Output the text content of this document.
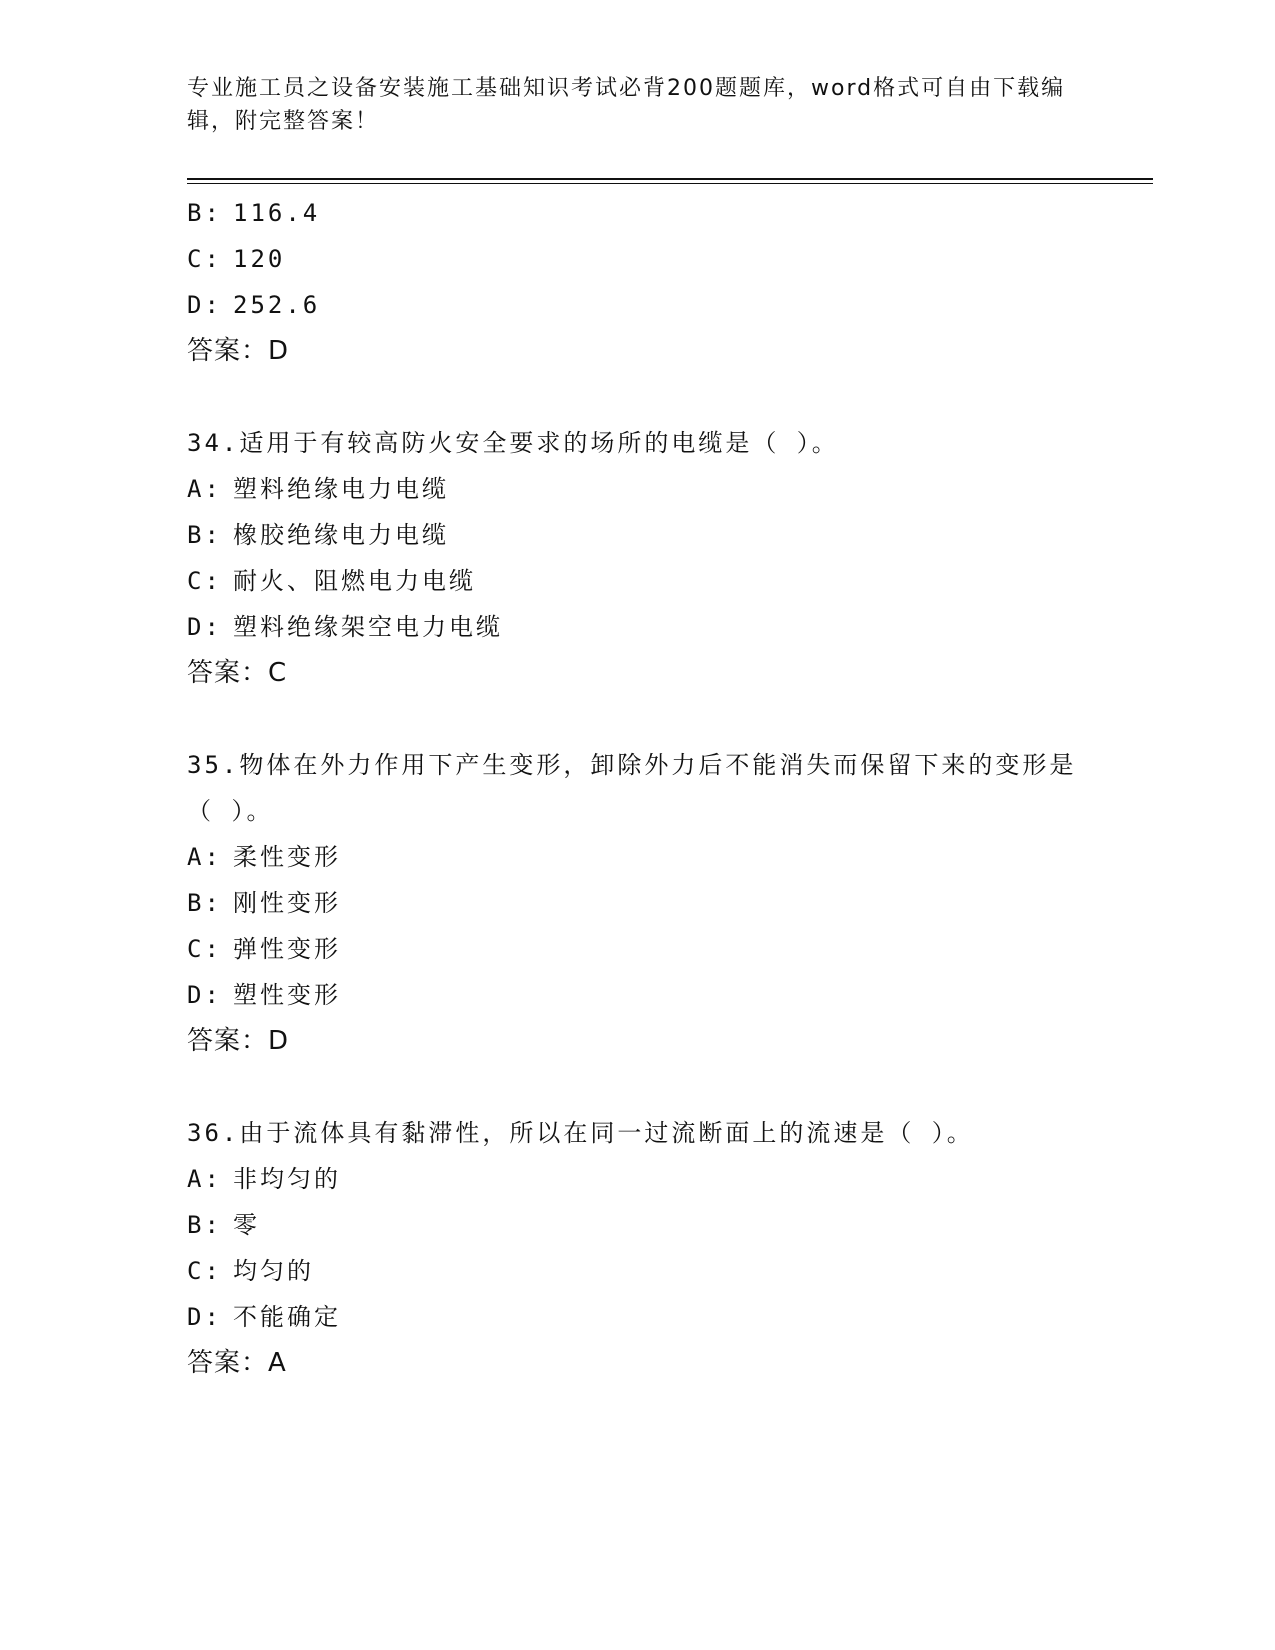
专业施工员之设备安装施工基础知识考试必背200题题库，word格式可自由下载编辑，附完整答案！
B: 116.4
C: 120
D: 252.6
答案：D
34.适用于有较高防火安全要求的场所的电缆是（ ）。
A: 塑料绝缘电力电缆
B: 橡胶绝缘电力电缆
C: 耐火、阻燃电力电缆
D: 塑料绝缘架空电力电缆
答案：C
35.物体在外力作用下产生变形，卸除外力后不能消失而保留下来的变形是（ ）。
A: 柔性变形
B: 刚性变形
C: 弹性变形
D: 塑性变形
答案：D
36.由于流体具有黏滞性，所以在同一过流断面上的流速是（ ）。
A: 非均匀的
B: 零
C: 均匀的
D: 不能确定
答案：A
